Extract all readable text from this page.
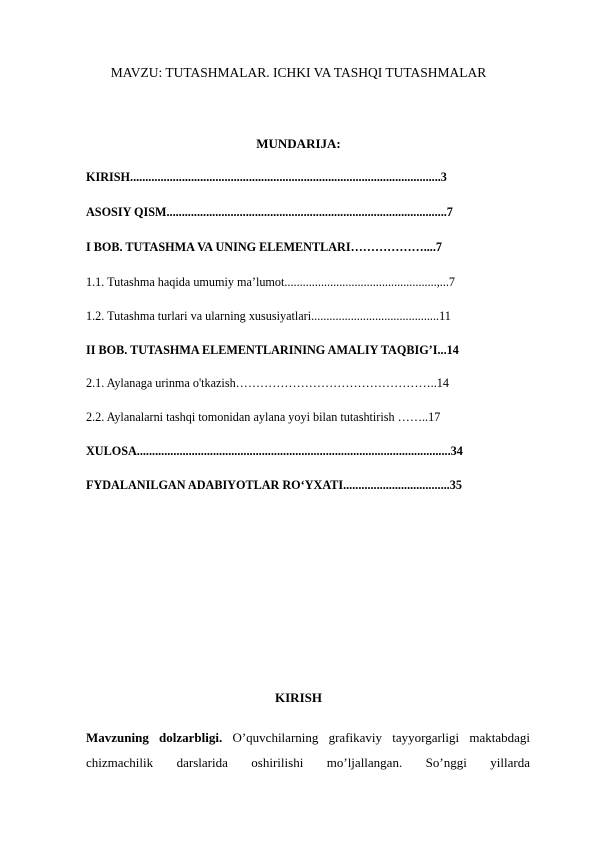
MAVZU: TUTASHMALAR. ICHKI VA TASHQI TUTASHMALAR
MUNDARIJA:
KIRISH......................................................................................................3
ASOSIY QISM............................................................................................7
I BOB. TUTASHMA VA UNING ELEMENTLARI………………....7
1.1. Tutashma haqida umumiy ma’lumot..................................................,...7
1.2. Tutashma turlari va ularning xususiyatlari..........................................11
II BOB. TUTASHMA ELEMENTLARINING AMALIY TAQBIG’I...14
2.1. Aylanaga urinma o'tkazish…………………………………………..14
2.2. Aylanalarni tashqi tomonidan aylana yoyi bilan tutashtirish ……..17
XULOSA.......................................................................................................34
FYDALANILGAN ADABIYOTLAR RO‘YXATI...................................35
KIRISH
Mavzuning dolzarbligi. O’quvchilarning grafikaviy tayyorgarligi maktabdagi chizmachilik darslarida oshirilishi mo’ljallangan. So’nggi yillarda
